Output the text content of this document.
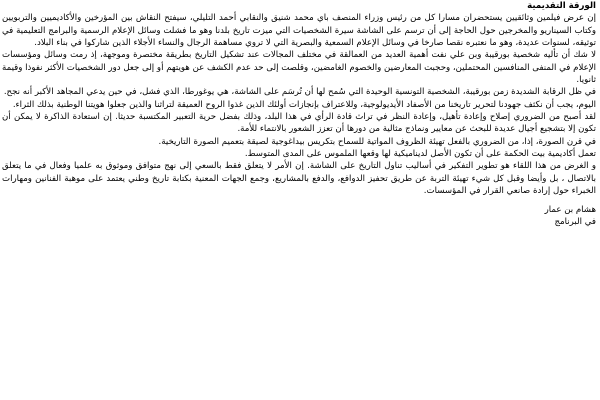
الورقة التقديمية

إن عرض فيلمين وثائقيين يستحضران مسارا كل من رئيس وزراء المنصف باي محمد شنيق والنقابي أحمد التليلي، سيفتح النقاش بين المؤرخين والأكاديميين والتربويين وكتاب السيناريو والمخرجين حول الحاجة إلى أن ترسم على الشاشة سيرة الشخصيات التي ميزت تاريخ بلدنا وهو ما فشلت وسائل الإعلام الرسمية والبرامج التعليمية في توثيقه، لسنوات عديدة، وهو ما نعتبره نقصا صارخا في وسائل الإعلام السمعية والبصرية التي لا تروي مساهمة الرجال والنساء الأجلاء الذين شاركوا في بناء البلاد.

لا شك أن تأليه شخصية بورقيبة وبن علي نفت أهمية العديد من العمالقة في مختلف المجالات عند تشكيل التاريخ بطريقة مختصرة وموجهة، إذ رمت وسائل ومؤسسات الإعلام في المنفى المنافسين المحتملين، وحجبت المعارضين والخصوم الغامضين، وقلصت إلى حد عدم الكشف عن هويتهم أو إلى جعل دور الشخصيات الأكثر نفوذا وقيمة ثانويا.

في ظل الرقابة الشديدة زمن بورقيبة، الشخصية التونسية الوحيدة التي سُمح لها أن تُرسَم على الشاشة، هي يوغورطا، الذي فشل، في حين يدعي المجاهد الأكبر أنه نجح.

اليوم، يجب أن نكثف جهودنا لتحرير تاريخنا من الأصفاد الأيديولوجية، وللاعتراف بإنجازات أولئك الذين غذوا الروح العميقة لتراثنا والذين جعلوا هويتنا الوطنية بذلك الثراء.

لقد أصبح من الضروري إصلاح وإعادة تأهيل، وإعادة النظر في تراث قادة الرأي في هذا البلد، وذلك بفضل حرية التعبير المكتسبة حديثا. إن استعادة الذاكرة لا يمكن أن تكون إلا بتشجيع أجيال عديدة للبحث عن معايير ونماذج مثالية من دورها أن تعزز الشعور بالانتماء للأمة.

في قرن الصورة، إذا، من الضروري بالفعل تهيئة الظروف المواتية للسماح بتكريس بيداغوجية لصيقة بتعميم الصورة التاريخية.

تعمل أكاديمية بيت الحكمة على أن تكون الأصل لديناميكية لها وقعها الملموس على المدى المتوسط.

و الغرض من هذا اللقاء هو تطوير التفكير في أساليب تناول التاريخ على الشاشة. إن الأمر لا يتعلق فقط بالسعي إلى نهج متوافق وموثوق به علميا وفعال في ما يتعلق بالاتصال ، بل وأيضا وقبل كل شيء تهيئة التربة عن طريق تحفيز الدوافع، والدفع بالمشاريع، وجمع الجهات المعنية بكتابة تاريخ وطني يعتمد على موهبة الفنانين ومهارات الخبراء حول إرادة صانعي القرار في المؤسسات.

هشام بن عمار

في البرنامج
